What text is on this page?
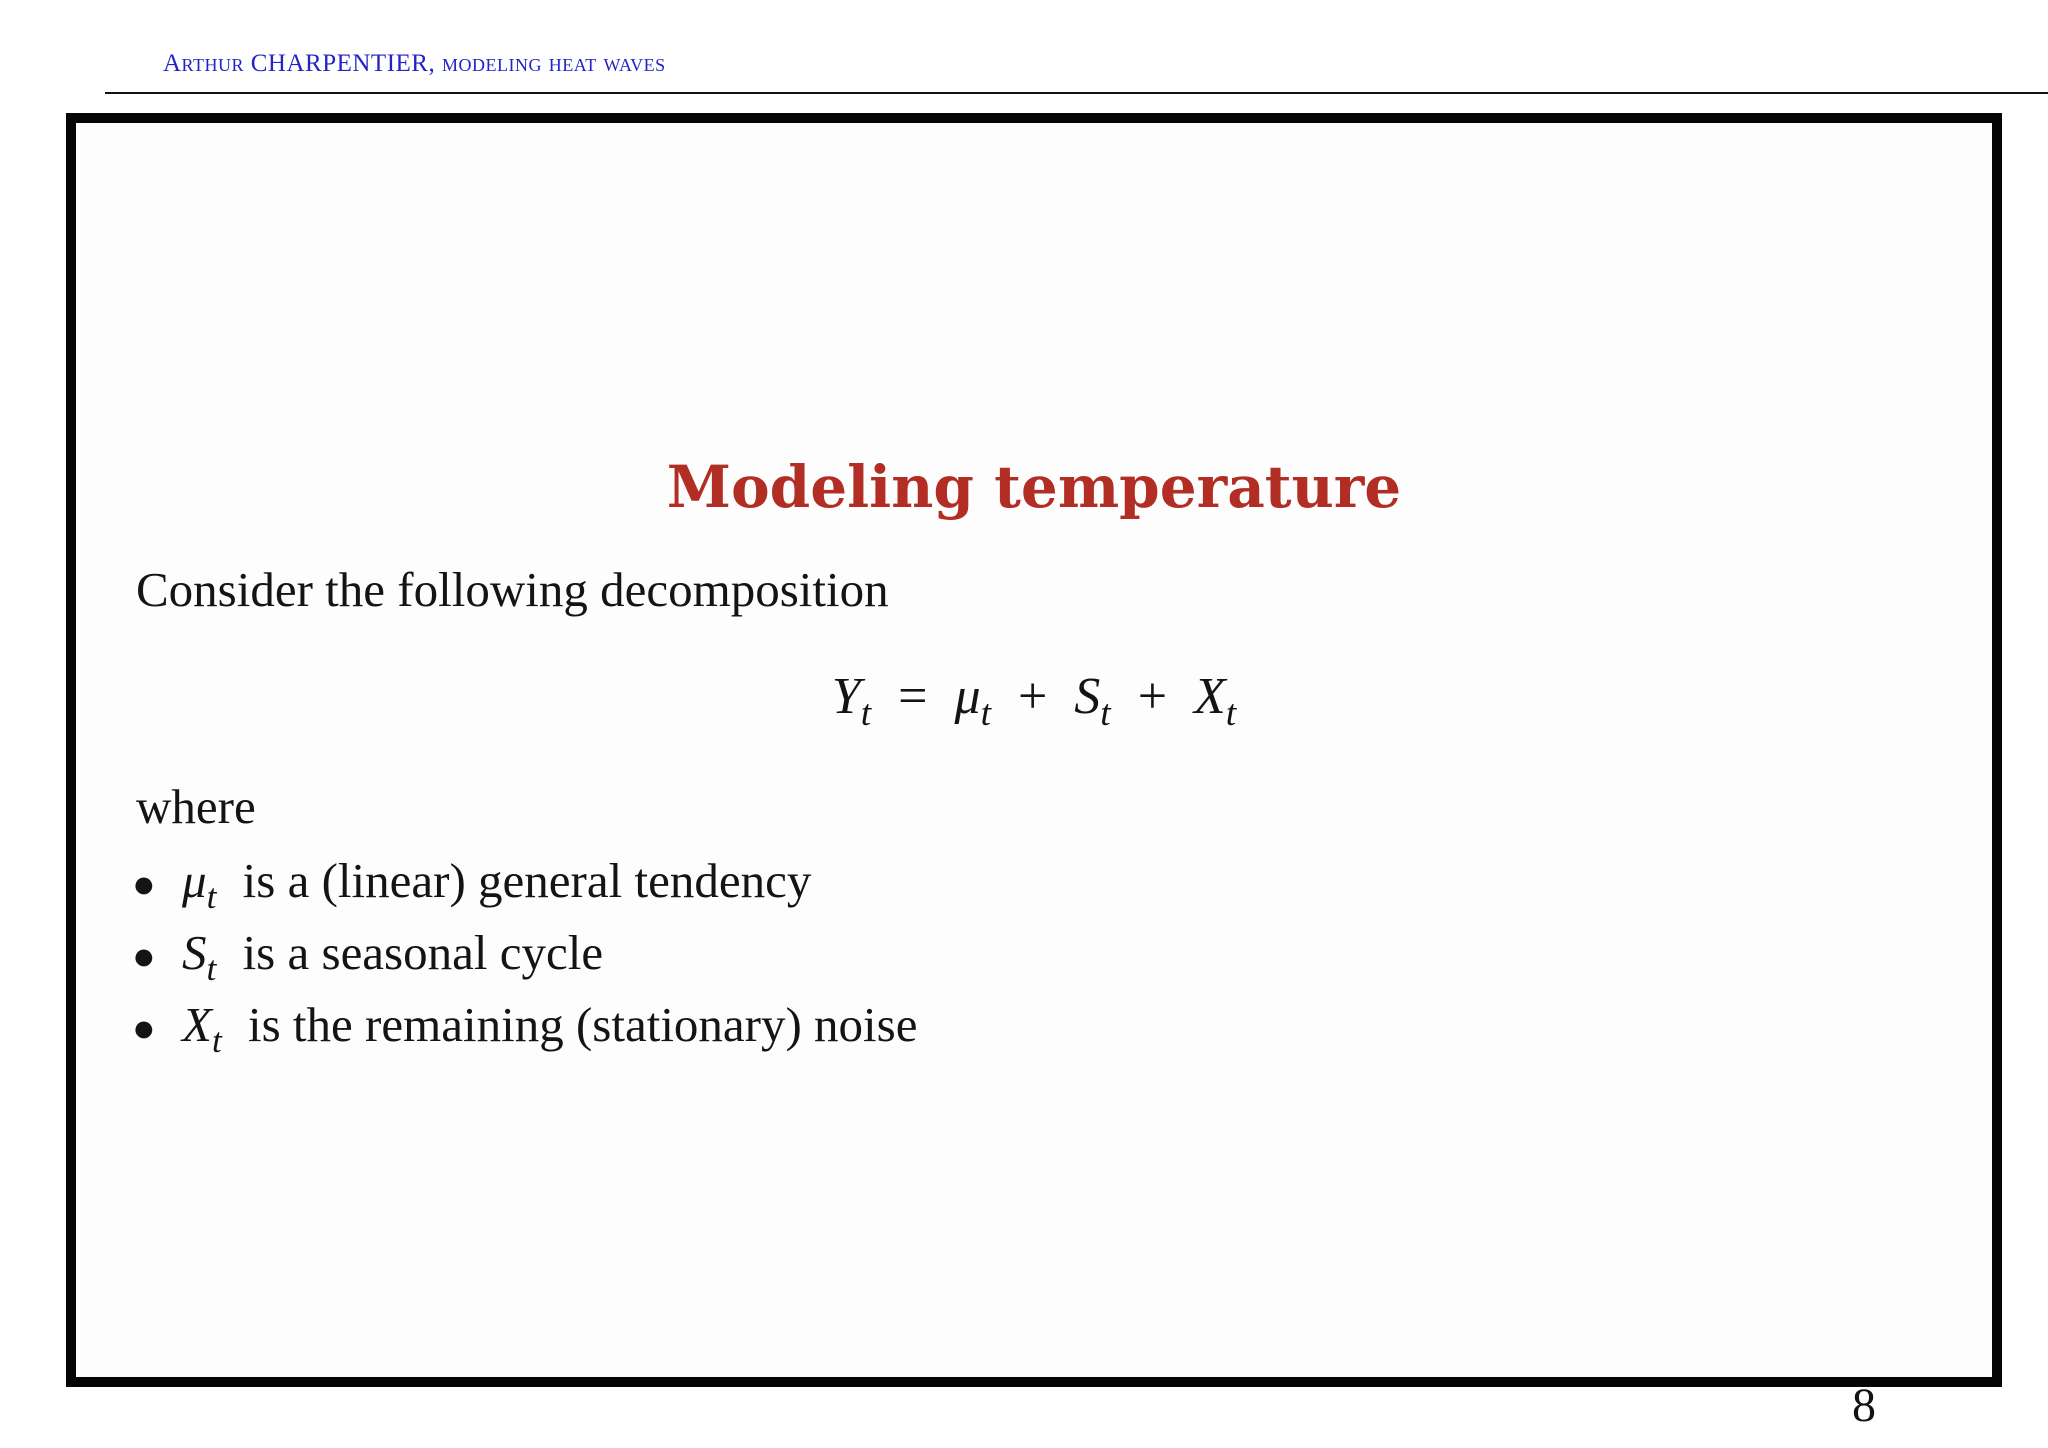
Arthur CHARPENTIER, modeling heat waves
Modeling temperature
Consider the following decomposition
$Y_t = \mu_t + S_t + X_t$
where
● $\mu_t$ is a (linear) general tendency
● $S_t$ is a seasonal cycle
● $X_t$ is the remaining (stationary) noise
8
